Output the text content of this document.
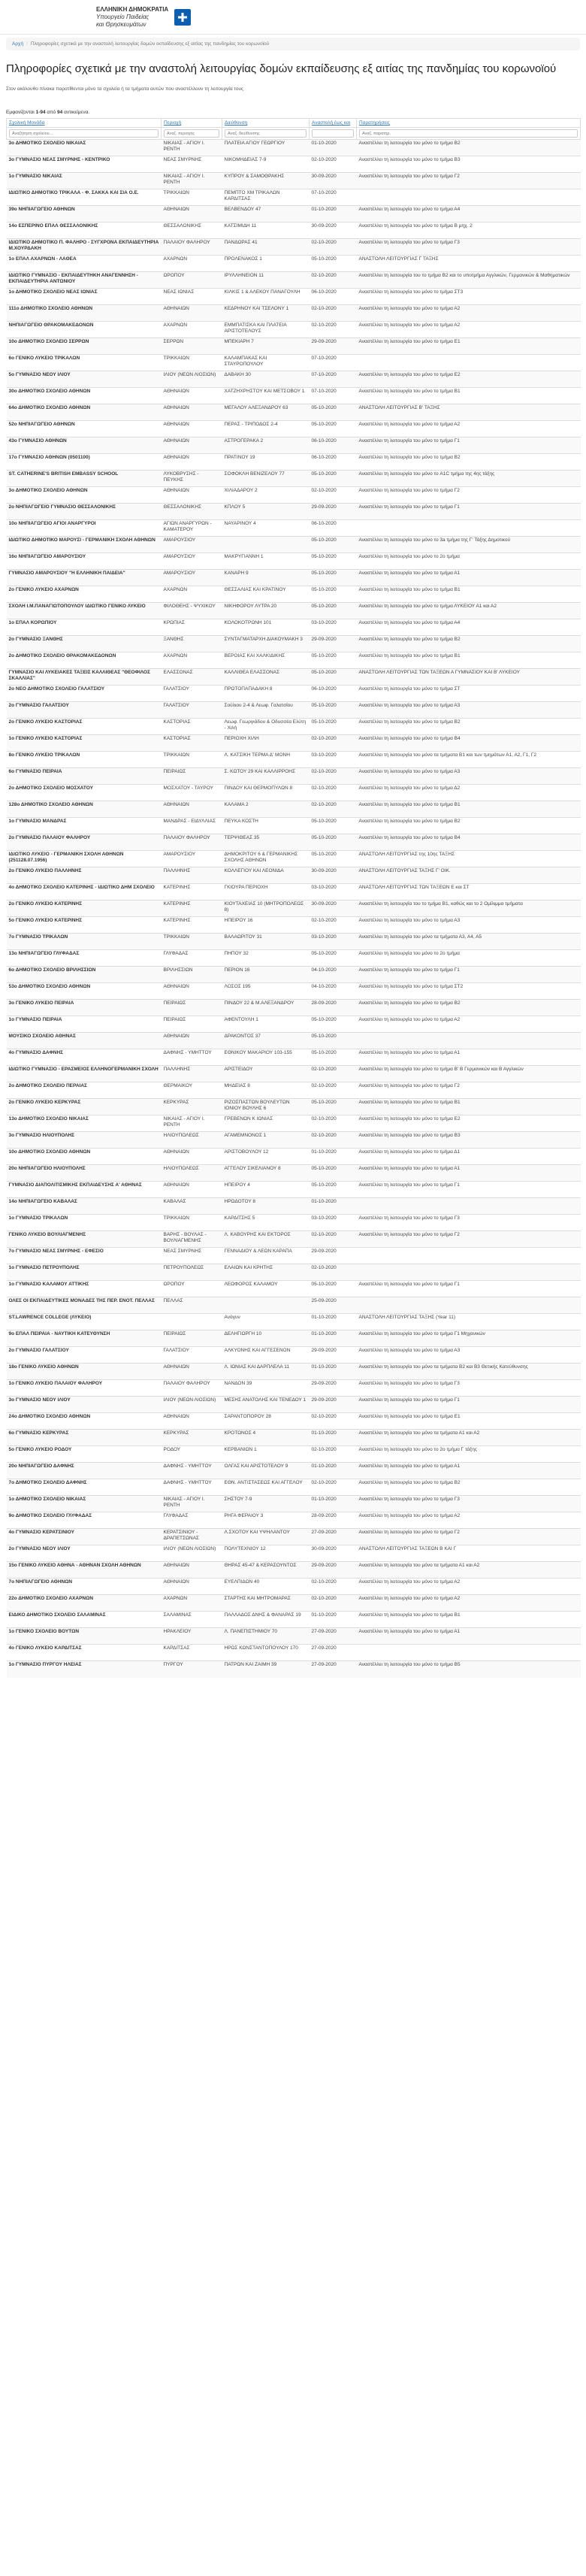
ΕΛΛΗΝΙΚΗ ΔΗΜΟΚΡΑΤΙΑ
Υπουργείο Παιδείας
και Θρησκευμάτων
Αρχή / Πληροφορίες σχετικά με την αναστολή λειτουργίας δομών εκπαίδευσης εξ αιτίας της πανδημίας του κορωνοϊού
Πληροφορίες σχετικά με την αναστολή λειτουργίας δομών εκπαίδευσης εξ αιτίας της πανδημίας του κορωνοϊού
Στον ακόλουθο πίνακα παρατίθενται μόνο τα σχολεία ή τα τμήματα αυτών που αναστέλλουν τη λειτουργία τους
Εμφανίζονται 1-94 από 94 αντικείμενα.
Σχολική Μονάδα	Περιοχή	Διεύθυνση	Αναστολή έως και	Παρατηρήσεις
Αναζήτηση σχολείου...	Αναζ. περιοχής	Αναζ. διεύθυνσης		Αναζ. παρατηρ.
3ο ΔΗΜΟΤΙΚΟ ΣΧΟΛΕΙΟ ΝΙΚΑΙΑΣ	ΝΙΚΑΙΑΣ - ΑΓΙΟΥ Ι. ΡΕΝΤΗ	ΠΛΑΤΕΙΑ ΑΓΙΟΥ ΓΕΩΡΓΙΟΥ	01-10-2020	Αναστέλλει τη λειτουργία του μόνο το τμήμα Β2
3ο ΓΥΜΝΑΣΙΟ ΝΕΑΣ ΣΜΥΡΝΗΣ - ΚΕΝΤΡΙΚΟ	ΝΕΑΣ ΣΜΥΡΝΗΣ	ΝΙΚΟΜΗΔΕΙΑΣ 7-9	02-10-2020	Αναστέλλει τη λειτουργία του μόνο το τμήμα Β3
1ο ΓΥΜΝΑΣΙΟ ΝΙΚΑΙΑΣ	ΝΙΚΑΙΑΣ - ΑΓΙΟΥ Ι. ΡΕΝΤΗ	ΚΥΠΡΟΥ & ΣΑΜΟΘΡΑΚΗΣ	30-09-2020	Αναστέλλει τη λειτουργία του μόνο το τμήμα Γ2
ΙΔΙΩΤΙΚΟ ΔΗΜΟΤΙΚΟ ΤΡΙΚΑΛΑ - Φ. ΣΑΚΚΑ ΚΑΙ ΣΙΑ Ο.Ε.	ΤΡΙΚΚΑΙΩΝ	ΠΕΜΠΤΟ ΧΜ ΤΡΙΚΑΛΩΝ ΚΑΡΔΙΤΣΑΣ	07-10-2020	
39ο ΝΗΠΙΑΓΩΓΕΙΟ ΑΘΗΝΩΝ	ΑΘΗΝΑΙΩΝ	ΒΕΛΒΕΝΔΟΥ 47	01-10-2020	Αναστέλλει τη λειτουργία του μόνο το τμήμα Α4
14ο ΕΣΠΕΡΙΝΟ ΕΠΑΛ ΘΕΣΣΑΛΟΝΙΚΗΣ	ΘΕΣΣΑΛΟΝΙΚΗΣ	ΚΑΤΣΙΜΙΔΗ 11	30-09-2020	Αναστέλλει τη λειτουργία του μόνο το τμήμα Β μηχ. 2
ΙΔΙΩΤΙΚΟ ΔΗΜΟΤΙΚΟ Π. ΦΑΛΗΡΟ - ΣΥΓΧΡΟΝΑ ΕΚΠΑΙΔΕΥΤΗΡΙΑ Μ.ΧΟΥΡΔΑΚΗ	ΠΑΛΑΙΟΥ ΦΑΛΗΡΟΥ	ΠΑΝΔΩΡΑΣ 41	02-10-2020	Αναστέλλει τη λειτουργία του μόνο το τμήμα Γ3
1ο ΕΠΑΛ ΑΧΑΡΝΩΝ - ΛΑΘΕΑ	ΑΧΑΡΝΩΝ	ΠΡΟΛΕΝΑΚΟΣ 1	05-10-2020	ΑΝΑΣΤΟΛΗ ΛΕΙΤΟΥΡΓΙΑΣ Γ ΤΑΞΗΣ
ΙΔΙΩΤΙΚΟ ΓΥΜΝΑΣΙΟ - ΕΚΠΑΙΔΕΥΤΗΚΗ ΑΝΑΓΕΝΝΗΣΗ - ΕΚΠΑΙΔΕΥΤΗΡΙΑ ΑΝΤΩΝΙΟΥ	ΩΡΟΠΟΥ	ΙΡΥΛΛΗΝΕΙΟΝ 11	02-10-2020	Αναστέλλει τη λειτουργία του το τμήμα Β2 και το υποτμήμα Αγγλικών, Γερμανικών & Μαθηματικών
1ο ΔΗΜΟΤΙΚΟ ΣΧΟΛΕΙΟ ΝΕΑΣ ΙΩΝΙΑΣ	ΝΕΑΣ ΙΩΝΙΑΣ	ΚΙΛΚΙΣ 1 & ΑΛΕΚΟΥ ΠΑΝΑΓΟΥΛΗ	06-10-2020	Αναστέλλει τη λειτουργία του μόνο το τμήμα ΣΤ3
111ο ΔΗΜΟΤΙΚΟ ΣΧΟΛΕΙΟ ΑΘΗΝΩΝ	ΑΘΗΝΑΙΩΝ	ΚΕΔΡΗΝΟΥ ΚΑΙ ΤΣΕΛΟΝΥ 1	02-10-2020	Αναστέλλει τη λειτουργία του μόνο το τμήμα Α2
ΝΗΠΙΑΓΩΓΕΙΟ ΘΡΑΚΟΜΑΚΕΔΟΝΩΝ	ΑΧΑΡΝΩΝ	ΕΜΜΠΑΤΙΣΚΑ ΚΑΙ ΠΛΑΤΕΙΑ ΑΡΙΣΤΟΤΕΛΟΥΣ	02-10-2020	Αναστέλλει τη λειτουργία του μόνο το τμήμα Α2
10ο ΔΗΜΟΤΙΚΟ ΣΧΟΛΕΙΟ ΣΕΡΡΩΝ	ΣΕΡΡΩΝ	ΜΠΕΚΙΑΡΗ 7	29-09-2020	Αναστέλλει τη λειτουργία του μόνο το τμήμα Ε1
6ο ΓΕΝΙΚΟ ΛΥΚΕΙΟ ΤΡΙΚΑΛΩΝ	ΤΡΙΚΚΑΙΩΝ	ΚΑΛΑΜΠΑΚΑΣ ΚΑΙ ΣΤΑΥΡΟΠΟΥΛΟΥ	07-10-2020	
5ο ΓΥΜΝΑΣΙΟ ΝΕΟΥ ΙΛΙΟΥ	ΙΛΙΟΥ (ΝΕΩΝ ΛΙΟΣΙΩΝ)	ΔΑΒΑΚΗ 30	07-10-2020	Αναστέλλει τη λειτουργία του μόνο το τμήμα Ε2
30ο ΔΗΜΟΤΙΚΟ ΣΧΟΛΕΙΟ ΑΘΗΝΩΝ	ΑΘΗΝΑΙΩΝ	ΧΑΤΖΗΧΡΗΣΤΟΥ ΚΑΙ ΜΕΤΣΟΒΟΥ 1	07-10-2020	Αναστέλλει τη λειτουργία του μόνο το τμήμα Β1
64ο ΔΗΜΟΤΙΚΟ ΣΧΟΛΕΙΟ ΑΘΗΝΩΝ	ΑΘΗΝΑΙΩΝ	ΜΕΓΑΛΟΥ ΑΛΕΞΑΝΔΡΟΥ 63	05-10-2020	ΑΝΑΣΤΟΛΗ ΛΕΙΤΟΥΡΓΙΑΣ Β' ΤΑΞΗΣ
52ο ΝΗΠΙΑΓΩΓΕΙΟ ΑΘΗΝΩΝ	ΑΘΗΝΑΙΩΝ	ΠΕΡΑΣ - ΤΡΙΠΟΔΟΣ 2-4	05-10-2020	Αναστέλλει τη λειτουργία του μόνο το τμήμα Α2
43ο ΓΥΜΝΑΣΙΟ ΑΘΗΝΩΝ	ΑΘΗΝΑΙΩΝ	ΑΣΤΡΟΓΕΡΑΚΑ 2	06-10-2020	Αναστέλλει τη λειτουργία του μόνο το τμήμα Γ1
17ο ΓΥΜΝΑΣΙΟ ΑΘΗΝΩΝ (0501100)	ΑΘΗΝΑΙΩΝ	ΠΡΑΤΙΝΟΥ 19	06-10-2020	Αναστέλλει τη λειτουργία του μόνο το τμήμα Β2
ST. CATHERINE'S BRITISH EMBASSY SCHOOL	ΛΥΚΟΒΡΥΣΗΣ - ΠΕΥΚΗΣ	ΣΟΦΟΚΛΗ ΒΕΝΙΖΕΛΟΥ 77	05-10-2020	Αναστέλλει τη λειτουργία του μόνο το A1C τμήμα της 4ης τάξης
3ο ΔΗΜΟΤΙΚΟ ΣΧΟΛΕΙΟ ΑΘΗΝΩΝ	ΑΘΗΝΑΙΩΝ	ΧΙΛΙΑΔΑΡΟΥ 2	02-10-2020	Αναστέλλει τη λειτουργία του μόνο το τμήμα Γ2
2ο ΝΗΠΙΑΓΩΓΕΙΟ ΓΥΜΝΑΣΙΟ ΘΕΣΣΑΛΟΝΙΚΗΣ	ΘΕΣΣΑΛΟΝΙΚΗΣ	ΚΠΛΟΥ 5	29-09-2020	Αναστέλλει τη λειτουργία του μόνο το τμήμα Γ1
10ο ΝΗΠΙΑΓΩΓΕΙΟ ΑΓΙΟΙ ΑΝΑΡΓΥΡΟΙ	ΑΓΙΩΝ ΑΝΑΡΓΥΡΩΝ - ΚΑΜΑΤΕΡΟΥ	ΝΑΥΑΡΙΝΟΥ 4	06-10-2020	
ΙΔΙΩΤΙΚΟ ΔΗΜΟΤΙΚΟ ΜΑΡΟΥΣΙ - ΓΕΡΜΑΝΙΚΗ ΣΧΟΛΗ ΑΘΗΝΩΝ	ΑΜΑΡΟΥΣΙΟΥ		05-10-2020	Αναστέλλει τη λειτουργία του μόνο το 3a τμήμα της Γ' Τάξης Δημοτικού
16ο ΝΗΠΙΑΓΩΓΕΙΟ ΑΜΑΡΟΥΣΙΟΥ	ΑΜΑΡΟΥΣΙΟΥ	ΜΑΚΡΥΓΙΑΝΝΗ 1	05-10-2020	Αναστέλλει τη λειτουργία του μόνο το 2ο τμήμα
ΓΥΜΝΑΣΙΟ ΑΜΑΡΟΥΣΙΟΥ "Η ΕΛΛΗΝΙΚΗ ΠΑΙΔΕΙΑ"	ΑΜΑΡΟΥΣΙΟΥ	ΚΑΝΑΡΗ 9	05-10-2020	Αναστέλλει τη λειτουργία του μόνο το τμήμα Α1
2ο ΓΕΝΙΚΟ ΛΥΚΕΙΟ ΑΧΑΡΝΩΝ	ΑΧΑΡΝΩΝ	ΘΕΣΣΑΛΙΑΣ ΚΑΙ ΚΡΑΤΙΝΟΥ	05-10-2020	Αναστέλλει τη λειτουργία του μόνο το τμήμα Β1
ΣΧΟΛΗ Ι.Μ.ΠΑΝΑΓΙΩΤΟΠΟΥΛΟΥ ΙΔΙΩΤΙΚΟ ΓΕΝΙΚΟ ΛΥΚΕΙΟ	ΦΙΛΟΘΕΗΣ - ΨΥΧΙΚΟΥ	ΝΙΚΗΦΟΡΟΥ ΛΥΤΡΑ 20	05-10-2020	Αναστέλλει τη λειτουργία του μόνο το τμήμα ΛΥΚΕΙΟΥ Α1 και Α2
1ο ΕΠΑΛ ΚΟΡΩΠΙΟΥ	ΚΡΩΠΙΑΣ	ΚΟΛΟΚΟΤΡΩΝΗ 101	03-10-2020	Αναστέλλει τη λειτουργία του μόνο το τμήμα Α4
2ο ΓΥΜΝΑΣΙΟ ΞΑΝΘΗΣ	ΞΑΝΘΗΣ	ΣΥΝΤΑΓΜΑΤΑΡΧΗ ΔΙΑΚΟΥΜΑΚΗ 3	29-09-2020	Αναστέλλει τη λειτουργία του μόνο το τμήμα Β2
2ο ΔΗΜΟΤΙΚΟ ΣΧΟΛΕΙΟ ΘΡΑΚΟΜΑΚΕΔΟΝΩΝ	ΑΧΑΡΝΩΝ	ΒΕΡΟΙΑΣ ΚΑΙ ΧΑΛΚΙΔΙΚΗΣ	05-10-2020	Αναστέλλει τη λειτουργία του μόνο το τμήμα Β1
ΓΥΜΝΑΣΙΟ ΚΑΙ ΛΥΚΕΙΑΚΕΣ ΤΑΞΕΙΣ ΚΑΛΛΙΘΕΑΣ "ΘΕΟΦΙΛΟΣ ΣΚΑΛΛΙΑΣ"	ΕΛΑΣΣΟΝΑΣ	ΚΑΛΛΙΘΕΑ ΕΛΑΣΣΟΝΑΣ	05-10-2020	ΑΝΑΣΤΟΛΗ ΛΕΙΤΟΥΡΓΙΑΣ ΤΩΝ ΤΑΞΕΩΝ Α ΓΥΜΝΑΣΙΟΥ ΚΑΙ Β' ΛΥΚΕΙΟΥ
2ο ΝΕΟ ΔΗΜΟΤΙΚΟ ΣΧΟΛΕΙΟ ΓΑΛΑΤΣΙΟΥ	ΓΑΛΑΤΣΙΟΥ	ΠΡΩΤΟΠΑΠΑΔΑΚΗ 8	06-10-2020	Αναστέλλει τη λειτουργία του μόνο το τμήμα ΣΤ
2ο ΓΥΜΝΑΣΙΟ ΓΑΛΑΤΣΙΟΥ	ΓΑΛΑΤΣΙΟΥ	Σούλιου 2-4 & Λεωφ. Γαλατσίου	05-10-2020	Αναστέλλει τη λειτουργία του μόνο το τμήμα Α3
2ο ΓΕΝΙΚΟ ΛΥΚΕΙΟ ΚΑΣΤΟΡΙΑΣ	ΚΑΣΤΟΡΙΑΣ	Λεωφ. Γεωργιάδου & Οδυσσέα Ελύτη - Χιλή	05-10-2020	Αναστέλλει τη λειτουργία του μόνο το τμήμα Β2
1ο ΓΕΝΙΚΟ ΛΥΚΕΙΟ ΚΑΣΤΟΡΙΑΣ	ΚΑΣΤΟΡΙΑΣ	ΠΕΡΙΟΧΗ ΧΙΛΗ	02-10-2020	Αναστέλλει τη λειτουργία του μόνο το τμήμα Β4
8ο ΓΕΝΙΚΟ ΛΥΚΕΙΟ ΤΡΙΚΑΛΩΝ	ΤΡΙΚΚΑΙΩΝ	Λ. ΚΑΤΣΙΚΗ ΤΕΡΜΑ Δ' ΜΟΝΗ	03-10-2020	Αναστέλλει τη λειτουργία του μόνο τα τμήματα Β1 και των τμημάτων Α1, Α2, Γ1, Γ2
6ο ΓΥΜΝΑΣΙΟ ΠΕΙΡΑΙΑ	ΠΕΙΡΑΙΩΣ	Σ. ΚΩΤΟΥ 29 ΚΑΙ ΚΑΛΛΙΡΡΟΗΣ	02-10-2020	Αναστέλλει τη λειτουργία του μόνο το τμήμα Α3
2ο ΔΗΜΟΤΙΚΟ ΣΧΟΛΕΙΟ ΜΟΣΧΑΤΟΥ	ΜΟΣΧΑΤΟΥ - ΤΑΥΡΟΥ	ΠΙΝΔΟΥ ΚΑΙ ΘΕΡΜΟΠΥΛΩΝ 8	02-10-2020	Αναστέλλει τη λειτουργία του μόνο το τμήμα Δ2
128ο ΔΗΜΟΤΙΚΟ ΣΧΟΛΕΙΟ ΑΘΗΝΩΝ	ΑΘΗΝΑΙΩΝ	ΚΑΛΑΜΑ 2	02-10-2020	Αναστέλλει τη λειτουργία του μόνο το τμήμα Β1
1ο ΓΥΜΝΑΣΙΟ ΜΑΝΔΡΑΣ	ΜΑΝΔΡΑΣ - ΕΙΔΥΛΛΙΑΣ	ΠΕΥΚΑ ΚΟΣΤΗ	05-10-2020	Αναστέλλει τη λειτουργία του μόνο το τμήμα Β2
2ο ΓΥΜΝΑΣΙΟ ΠΑΛΑΙΟΥ ΦΑΛΗΡΟΥ	ΠΑΛΑΙΟΥ ΦΑΛΗΡΟΥ	ΤΕΡΨΙΘΕΑΣ 35	05-10-2020	Αναστέλλει τη λειτουργία του μόνο το τμήμα Β4
ΙΔΙΩΤΙΚΟ ΛΥΚΕΙΟ - ΓΕΡΜΑΝΙΚΗ ΣΧΟΛΗ ΑΘΗΝΩΝ (251128.07.1956)	ΑΜΑΡΟΥΣΙΟΥ	ΔΗΜΟΚΡΙΤΟΥ 6 & ΓΕΡΜΑΝΙΚΗΣ ΣΧΟΛΗΣ ΑΘΗΝΩΝ	05-10-2020	ΑΝΑΣΤΟΛΗ ΛΕΙΤΟΥΡΓΙΑΣ της 10ης ΤΑΞΗΣ
2ο ΓΕΝΙΚΟ ΛΥΚΕΙΟ ΠΑΛΛΗΝΗΣ	ΠΑΛΛΗΝΗΣ	ΚΟΛΛΕΓΙΟΥ ΚΑΙ ΛΕΟΝΙΔΑ	30-09-2020	ΑΝΑΣΤΟΛΗ ΛΕΙΤΟΥΡΓΙΑΣ ΤΑΞΗΣ Γ' ΟΙΚ.
4ο ΔΗΜΟΤΙΚΟ ΣΧΟΛΕΙΟ ΚΑΤΕΡΙΝΗΣ - ΙΔΙΩΤΙΚΟ ΔΗΜ ΣΧΟΛΕΙΟ	ΚΑΤΕΡΙΝΗΣ	ΓΚΙΟΥΡΑ ΠΕΡΙΟΧΗ	03-10-2020	ΑΝΑΣΤΟΛΗ ΛΕΙΤΟΥΡΓΙΑΣ ΤΩΝ ΤΑΞΕΩΝ Ε και ΣΤ
2ο ΓΕΝΙΚΟ ΛΥΚΕΙΟ ΚΑΤΕΡΙΝΗΣ	ΚΑΤΕΡΙΝΗΣ	ΚΙΟΥΤΑΧΕΙΑΣ 10 (ΜΗΤΡΟΠΟΛΕΩΣ 8)	30-09-2020	Αναστέλλει τη λειτουργία του το τμήμα Β1, καθώς και το 2 Ομίλιμμα τμήματα
5ο ΓΕΝΙΚΟ ΛΥΚΕΙΟ ΚΑΤΕΡΙΝΗΣ	ΚΑΤΕΡΙΝΗΣ	ΗΠΕΙΡΟΥ 16	02-10-2020	Αναστέλλει τη λειτουργία του μόνο το τμήμα Α3
7ο ΓΥΜΝΑΣΙΟ ΤΡΙΚΑΛΩΝ	ΤΡΙΚΚΑΙΩΝ	ΒΑΛΑΩΡΙΤΟΥ 31	03-10-2020	Αναστέλλει τη λειτουργία του μόνο τα τμήματα Α3, Α4, Α5
13ο ΝΗΠΙΑΓΩΓΕΙΟ ΓΛΥΦΑΔΑΣ	ΓΛΥΦΑΔΑΣ	ΠΗΠΟΥ 32	05-10-2020	Αναστέλλει τη λειτουργία του μόνο το 2ο τμήμα
6ο ΔΗΜΟΤΙΚΟ ΣΧΟΛΕΙΟ ΒΡΙΛΗΣΣΙΩΝ	ΒΡΙΛΗΣΣΙΩΝ	ΠΕΡΙΟΝ 16	04-10-2020	Αναστέλλει τη λειτουργία του μόνο το τμήμα Γ1
53ο ΔΗΜΟΤΙΚΟ ΣΧΟΛΕΙΟ ΑΘΗΝΩΝ	ΑΘΗΝΑΙΩΝ	ΛΟΣΟΣ 195	04-10-2020	Αναστέλλει τη λειτουργία του μόνο το τμήμα ΣΤ2
3ο ΓΕΝΙΚΟ ΛΥΚΕΙΟ ΠΕΙΡΑΙΑ	ΠΕΙΡΑΙΩΣ	ΠΙΝΔΟΥ 22 & Μ.ΑΛΕΞΑΝΔΡΟΥ	28-09-2020	Αναστέλλει τη λειτουργία του μόνο το τμήμα Β2
1ο ΓΥΜΝΑΣΙΟ ΠΕΙΡΑΙΑ	ΠΕΙΡΑΙΩΣ	ΑΦΕΝΤΟΥΛΗ 1	05-10-2020	Αναστέλλει τη λειτουργία του μόνο το τμήμα Α2
ΜΟΥΣΙΚΟ ΣΧΟΛΕΙΟ ΑΘΗΝΑΣ	ΑΘΗΝΑΙΩΝ	ΔΡΑΚΟΝΤΟΣ 37	05-10-2020	
4ο ΓΥΜΝΑΣΙΟ ΔΑΦΝΗΣ	ΔΑΦΝΗΣ - ΥΜΗΤΤΟΥ	ΕΘΝΙΚΟΥ ΜΑΚΑΡΙΟΥ 103-155	05-10-2020	Αναστέλλει τη λειτουργία του μόνο το τμήμα Α1
ΙΔΙΩΤΙΚΟ ΓΥΜΝΑΣΙΟ - ΕΡΑΣΜΕΙΟΣ ΕΛΛΗΝΟΓΕΡΜΑΝΙΚΗ ΣΧΟΛΗ	ΠΑΛΛΗΝΗΣ	ΑΡΙΣΤΕΙΔΟΥ	02-10-2020	Αναστέλλει τη λειτουργία του μόνο το τμήμα Β' Β Γερμανικών και Β Αγγλικών
2ο ΔΗΜΟΤΙΚΟ ΣΧΟΛΕΙΟ ΠΕΡΑΙΑΣ	ΘΕΡΜΑΙΚΟΥ	ΜΗΔΕΙΑΣ 8	02-10-2020	Αναστέλλει τη λειτουργία του μόνο το τμήμα Γ2
2ο ΓΕΝΙΚΟ ΛΥΚΕΙΟ ΚΕΡΚΥΡΑΣ	ΚΕΡΚΥΡΑΣ	ΡΙΖΟΣΠΑΣΤΩΝ ΒΟΥΛΕΥΤΩΝ ΙΟΝΙΟΥ ΒΟΥΛΗΣ 6	05-10-2020	Αναστέλλει τη λειτουργία του μόνο το τμήμα Β1
13ο ΔΗΜΟΤΙΚΟ ΣΧΟΛΕΙΟ ΝΙΚΑΙΑΣ	ΝΙΚΑΙΑΣ - ΑΓΙΟΥ Ι. ΡΕΝΤΗ	ΓΡΕΒΕΝΩΝ Κ ΙΩΝΙΑΣ	02-10-2020	Αναστέλλει τη λειτουργία του μόνο το τμήμα Ε2
3ο ΓΥΜΝΑΣΙΟ ΗΛΙΟΥΠΟΛΗΣ	ΗΛΙΟΥΠΟΛΕΩΣ	ΑΓΑΜΕΜΝΟΝΟΣ 1	02-10-2020	Αναστέλλει τη λειτουργία του μόνο το τμήμα Β3
10ο ΔΗΜΟΤΙΚΟ ΣΧΟΛΕΙΟ ΑΘΗΝΩΝ	ΑΘΗΝΑΙΩΝ	ΑΡΙΣΤΟΒΟΥΛΟΥ 12	01-10-2020	Αναστέλλει τη λειτουργία του μόνο το τμήμα Δ1
20ο ΝΗΠΙΑΓΩΓΕΙΟ ΗΛΙΟΥΠΟΛΗΣ	ΗΛΙΟΥΠΟΛΕΩΣ	ΑΓΓΕΛΟΥ ΣΙΚΕΛΙΑΝΟΥ 8	05-10-2020	Αναστέλλει τη λειτουργία του μόνο το τμήμα Α1
ΓΥΜΝΑΣΙΟ ΔΙΑΠΟΛΙΤΙΣΜΙΚΗΣ ΕΚΠΑΙΔΕΥΣΗΣ Α' ΑΘΗΝΑΣ	ΑΘΗΝΑΙΩΝ	ΗΠΕΙΡΟΥ 4	05-10-2020	Αναστέλλει τη λειτουργία του μόνο το τμήμα Γ1
14ο ΝΗΠΙΑΓΩΓΕΙΟ ΚΑΒΑΛΑΣ	ΚΑΒΑΛΑΣ	ΗΡΩΔΟΤΟΥ 8	01-10-2020	
1ο ΓΥΜΝΑΣΙΟ ΤΡΙΚΑΛΩΝ	ΤΡΙΚΚΑΙΩΝ	ΚΑΡΔΙΤΣΗΣ 5	03-10-2020	Αναστέλλει τη λειτουργία του μόνο το τμήμα Γ3
ΓΕΝΙΚΟ ΛΥΚΕΙΟ ΒΟΥΛΙΑΓΜΕΝΗΣ	ΒΑΡΗΣ - ΒΟΥΛΑΣ - ΒΟΥΛΙΑΓΜΕΝΗΣ	Λ. ΚΑΒΟΥΡΗΣ ΚΑΙ ΕΚΤΟΡΟΣ	02-10-2020	Αναστέλλει τη λειτουργία του μόνο το τμήμα Γ2
7ο ΓΥΜΝΑΣΙΟ ΝΕΑΣ ΣΜΥΡΝΗΣ - ΕΦΕΣΙΟ	ΝΕΑΣ ΣΜΥΡΝΗΣ	ΓΕΝΝΑΔΙΟΥ & ΛΕΩΝ ΚΑΡΑΠΑ	29-09-2020	
1ο ΓΥΜΝΑΣΙΟ ΠΕΤΡΟΥΠΟΛΗΣ	ΠΕΤΡΟΥΠΟΛΕΩΣ	ΕΛΑΙΩΝ ΚΑΙ ΚΡΗΤΗΣ	02-10-2020	
1ο ΓΥΜΝΑΣΙΟ ΚΑΛΑΜΟΥ ΑΤΤΙΚΗΣ	ΩΡΟΠΟΥ	ΛΕΩΦΟΡΟΣ ΚΑΛΑΜΟΥ	05-10-2020	Αναστέλλει τη λειτουργία του μόνο το τμήμα Γ1
ΟΛΕΣ ΟΙ ΕΚΠΑΙΔΕΥΤΙΚΕΣ ΜΟΝΑΔΕΣ ΤΗΣ ΠΕΡ. ΕΝΟΤ. ΠΕΛΛΑΣ	ΠΕΛΛΑΣ		25-09-2020	
ST.LAWRENCE COLLEGE (ΛΥΚΕΙΟ)		Ανάγυν	01-10-2020	ΑΝΑΣΤΟΛΗ ΛΕΙΤΟΥΡΓΙΑΣ ΤΑΞΗΣ (Year 11)
9ο ΕΠΑΛ ΠΕΙΡΑΙΑ - ΝΑΥΤΙΚΗ ΚΑΤΕΥΘΥΝΣΗ	ΠΕΙΡΑΙΩΣ	ΔΕΛΗΓΙΩΡΓΗ 10	01-10-2020	Αναστέλλει τη λειτουργία του μόνο το τμήμα Γ1 Μηχανικών
2ο ΓΥΜΝΑΣΙΟ ΓΑΛΑΤΣΙΟΥ	ΓΑΛΑΤΣΙΟΥ	ΑΛΚΥΟΝΗΣ ΚΑΙ ΑΓΓΕΣΕΝΟΝ	29-09-2020	Αναστέλλει τη λειτουργία του μόνο το τμήμα Α3
18ο ΓΕΝΙΚΟ ΛΥΚΕΙΟ ΑΘΗΝΩΝ	ΑΘΗΝΑΙΩΝ	Λ. ΙΩΝΙΑΣ ΚΑΙ ΔΑΡΠΛΕΛΑ 11	01-10-2020	Αναστέλλει τη λειτουργία του μόνο τα τμήματα Β2 και Β3 Θετικής Κατεύθυνσης
1ο ΓΕΝΙΚΟ ΛΥΚΕΙΟ ΠΑΛΑΙΟΥ ΦΑΛΗΡΟΥ	ΠΑΛΑΙΟΥ ΦΑΛΗΡΟΥ	ΝΑΝΔΟΝ 39	29-09-2020	Αναστέλλει τη λειτουργία του μόνο το τμήμα Γ3
3ο ΓΥΜΝΑΣΙΟ ΝΕΟΥ ΙΛΙΟΥ	ΙΛΙΟΥ (ΝΕΩΝ ΛΙΟΣΙΩΝ)	ΜΕΣΗΣ ΑΝΑΤΟΛΗΣ ΚΑΙ ΤΕΝΕΔΟΥ 1	29-09-2020	Αναστέλλει τη λειτουργία του μόνο το τμήμα Γ1
24ο ΔΗΜΟΤΙΚΟ ΣΧΟΛΕΙΟ ΑΘΗΝΩΝ	ΑΘΗΝΑΙΩΝ	ΣΑΡΑΝΤΟΠΟΡΟΥ 28	02-10-2020	Αναστέλλει τη λειτουργία του μόνο το τμήμα Ε1
6ο ΓΥΜΝΑΣΙΟ ΚΕΡΚΥΡΑΣ	ΚΕΡΚΥΡΑΣ	ΚΡΟΤΩΝΟΣ 4	01-10-2020	Αναστέλλει τη λειτουργία του μόνο τα τμήματα Α1 και Α2
5ο ΓΕΝΙΚΟ ΛΥΚΕΙΟ ΡΟΔΟΥ	ΡΟΔΟΥ	ΚΕΡΒΑΝΙΩΝ 1	02-10-2020	Αναστέλλει τη λειτουργία του μόνο το 2ο τμήμα Γ τάξης
20ο ΝΗΠΙΑΓΩΓΕΙΟ ΔΑΦΝΗΣ	ΔΑΦΝΗΣ - ΥΜΗΤΤΟΥ	ΟΛΓΑΣ ΚΑΙ ΑΡΙΣΤΟΤΕΛΟΥ 9	01-10-2020	Αναστέλλει τη λειτουργία του μόνο το τμήμα Α1
7ο ΔΗΜΟΤΙΚΟ ΣΧΟΛΕΙΟ ΔΑΦΝΗΣ	ΔΑΦΝΗΣ - ΥΜΗΤΤΟΥ	ΕΘΝ. ΑΝΤΙΣΤΑΣΕΩΣ ΚΑΙ ΑΓΓΕΛΟΥ	02-10-2020	Αναστέλλει τη λειτουργία του μόνο το τμήμα Β2
1ο ΔΗΜΟΤΙΚΟ ΣΧΟΛΕΙΟ ΝΙΚΑΙΑΣ	ΝΙΚΑΙΑΣ - ΑΓΙΟΥ Ι. ΡΕΝΤΗ	ΣΗΣΤΟΥ 7-9	01-10-2020	Αναστέλλει τη λειτουργία του μόνο το τμήμα Γ3
9ο ΔΗΜΟΤΙΚΟ ΣΧΟΛΕΙΟ ΓΛΥΦΑΔΑΣ	ΓΛΥΦΑΔΑΣ	ΡΗΓΑ ΦΕΡΑΙΟΥ 3	28-09-2020	Αναστέλλει τη λειτουργία του μόνο το τμήμα Α2
4ο ΓΥΜΝΑΣΙΟ ΚΕΡΑΤΣΙΝΙΟΥ	ΚΕΡΑΤΣΙΝΙΟΥ - ΔΡΑΠΕΤΣΩΝΑΣ	Λ.ΣΧΟΤΟΥ ΚΑΙ ΥΨΗΛΑΝΤΟΥ	27-09-2020	Αναστέλλει τη λειτουργία του μόνο το τμήμα Γ2
2ο ΓΥΜΝΑΣΙΟ ΝΕΟΥ ΙΛΙΟΥ	ΙΛΙΟΥ (ΝΕΩΝ ΛΙΟΣΙΩΝ)	ΠΟΛΥΤΕΧΝΙΟΥ 12	30-09-2020	ΑΝΑΣΤΟΛΗ ΛΕΙΤΟΥΡΓΙΑΣ ΤΑΞΕΩΝ Β ΚΑΙ Γ
15ο ΓΕΝΙΚΟ ΛΥΚΕΙΟ ΑΘΗΝΑ - ΑΘΗΝΑΝ ΣΧΟΛΗ ΑΘΗΝΩΝ	ΑΘΗΝΑΙΩΝ	ΘΗΡΑΣ 45-47 & ΚΕΡΑΣΟΥΝΤΟΣ	29-09-2020	Αναστέλλει τη λειτουργία του μόνο τα τμήματα Α1 και Α2
7ο ΝΗΠΙΑΓΩΓΕΙΟ ΑΘΗΝΩΝ	ΑΘΗΝΑΙΩΝ	ΕΥΕΛΠΙΔΩΝ 40	02-10-2020	Αναστέλλει τη λειτουργία του μόνο το τμήμα Α2
22ο ΔΗΜΟΤΙΚΟ ΣΧΟΛΕΙΟ ΑΧΑΡΝΩΝ	ΑΧΑΡΝΩΝ	ΣΤΑΡΤΗΣ ΚΑΙ ΜΗΤΡΟΜΑΡΑΣ	02-10-2020	Αναστέλλει τη λειτουργία του μόνο το τμήμα Α2
ΕΙΔΙΚΟ ΔΗΜΟΤΙΚΟ ΣΧΟΛΕΙΟ ΣΑΛΑΜΙΝΑΣ	ΣΑΛΑΜΙΝΑΣ	ΠΑΛΛΑΔΟΣ ΔΝΗΣ & ΦΑΝΑΡΑΣ 19	01-10-2020	Αναστέλλει τη λειτουργία του μόνο το τμήμα Β1
1ο ΓΕΝΙΚΟ ΣΧΟΛΕΙΟ ΒΟΥΤΩΝ	ΗΡΑΚΛΕΙΟΥ	Λ. ΠΑΝΕΠΙΣΤΗΜΙΟΥ 70	27-09-2020	Αναστέλλει τη λειτουργία του μόνο το τμήμα Α1
4ο ΓΕΝΙΚΟ ΛΥΚΕΙΟ ΚΑΡΔΙΤΣΑΣ	ΚΑΡΔΙΤΣΑΣ	ΗΡΩΣ ΚΩΝΣΤΑΝΤΟΠΟΥΛΟΥ 170	27-09-2020	
1ο ΓΥΜΝΑΣΙΟ ΠΥΡΓΟΥ ΗΛΕΙΑΣ	ΠΥΡΓΟΥ	ΠΑΤΡΩΝ ΚΑΙ ΖΑΙΜΗ 39	27-09-2020	Αναστέλλει τη λειτουργία του μόνο το τμήμα Β5
